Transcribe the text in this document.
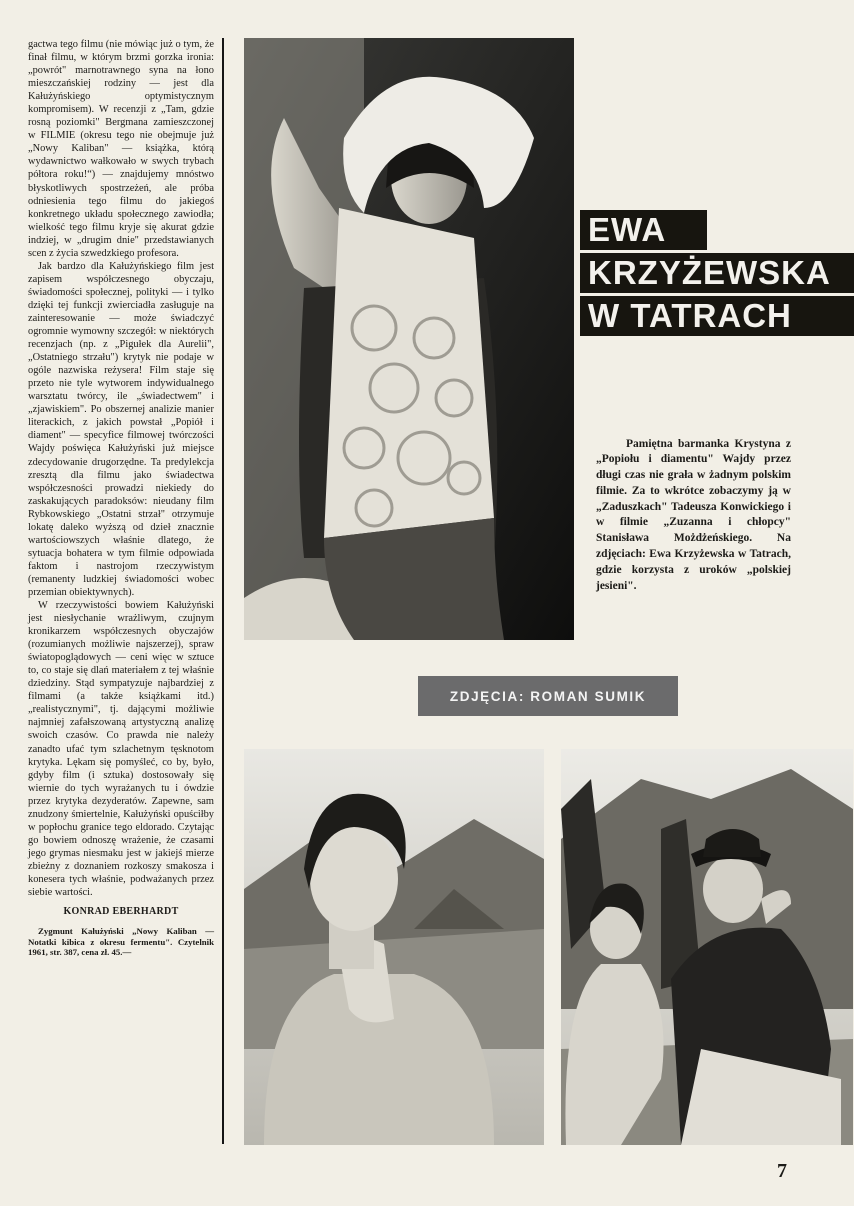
gactwa tego filmu (nie mówiąc już o tym, że finał filmu, w którym brzmi gorzka ironia: „powrót" marnotrawnego syna na łono mieszczańskiej rodziny — jest dla Kałużyńskiego optymistycznym kompromisem). W recenzji z „Tam, gdzie rosną poziomki" Bergmana zamieszczonej w FILMIE (okresu tego nie obejmuje już „Nowy Kaliban" — książka, którą wydawnictwo wałkowało w swych trybach półtora roku!“) — znajdujemy mnóstwo błyskotliwych spostrzeżeń, ale próba odniesienia tego filmu do jakiegoś konkretnego układu społecznego zawiodła; wielkość tego filmu kryje się akurat gdzie indziej, w „drugim dnie" przedstawianych scen z życia szwedzkiego profesora.

Jak bardzo dla Kałużyńskiego film jest zapisem współczesnego obyczaju, świadomości społecznej, polityki — i tylko dzięki tej funkcji zwierciadła zasługuje na zainteresowanie — może świadczyć ogromnie wymowny szczegół: w niektórych recenzjach (np. z „Pigułek dla Aurelii", „Ostatniego strzału") krytyk nie podaje w ogóle nazwiska reżysera! Film staje się przeto nie tyle wytworem indywidualnego warsztatu twórcy, ile „świadectwem" i „zjawiskiem". Po obszernej analizie manier literackich, z jakich powstał „Popiół i diament" — specyfice filmowej twórczości Wajdy poświęca Kałużyński już miejsce zdecydowanie drugorzędne. Ta predylekcja zresztą dla filmu jako świadectwa współczesności prowadzi niekiedy do zaskakujących paradoksów: nieudany film Rybkowskiego „Ostatni strzał" otrzymuje lokatę daleko wyższą od dzieł znacznie wartościowszych właśnie dlatego, że sytuacja bohatera w tym filmie odpowiada faktom i nastrojom rzeczywistym (remanenty ludzkiej świadomości wobec przemian obiektywnych).

W rzeczywistości bowiem Kałużyński jest niesłychanie wrażliwym, czujnym kronikarzem współczesnych obyczajów (rozumianych możliwie najszerzej), spraw światopoglądowych — ceni więc w sztuce to, co staje się dlań materiałem z tej właśnie dziedziny. Stąd sympatyzuje najbardziej z filmami (a także książkami itd.) „realistycznymi", tj. dającymi możliwie najmniej zafałszowaną artystyczną analizę swoich czasów. Co prawda nie należy zanadto ufać tym szlachetnym tęsknotom krytyka. Lękam się pomyśleć, co by, było, gdyby film (i sztuka) dostosowały się wiernie do tych wyrażanych tu i ówdzie przez krytyka dezyderatów. Zapewne, sam znudzony śmiertelnie, Kałużyński opuściłby w popłochu granice tego eldorado. Czytając go bowiem odnoszę wrażenie, że czasami jego grymas niesmaku jest w jakiejś mierze zbieżny z doznaniem rozkoszy smakosza i konesera tych właśnie, podważanych przez siebie wartości.

KONRAD EBERHARDT

Zygmunt Kałużyński „Nowy Kaliban — Notatki kibica z okresu fermentu". Czytelnik 1961, str. 387, cena zł. 45.—

EWA
KRZYŻEWSKA
W TATRACH

Pamiętna barmanka Krystyna z „Popiołu i diamentu" Wajdy przez długi czas nie grała w żadnym polskim filmie. Za to wkrótce zobaczymy ją w „Zaduszkach" Tadeusza Konwickiego i w filmie „Zuzanna i chłopcy" Stanisława Możdżeńskiego. Na zdjęciach: Ewa Krzyżewska w Tatrach, gdzie korzysta z uroków „polskiej jesieni".

ZDJĘCIA: ROMAN SUMIK
7
